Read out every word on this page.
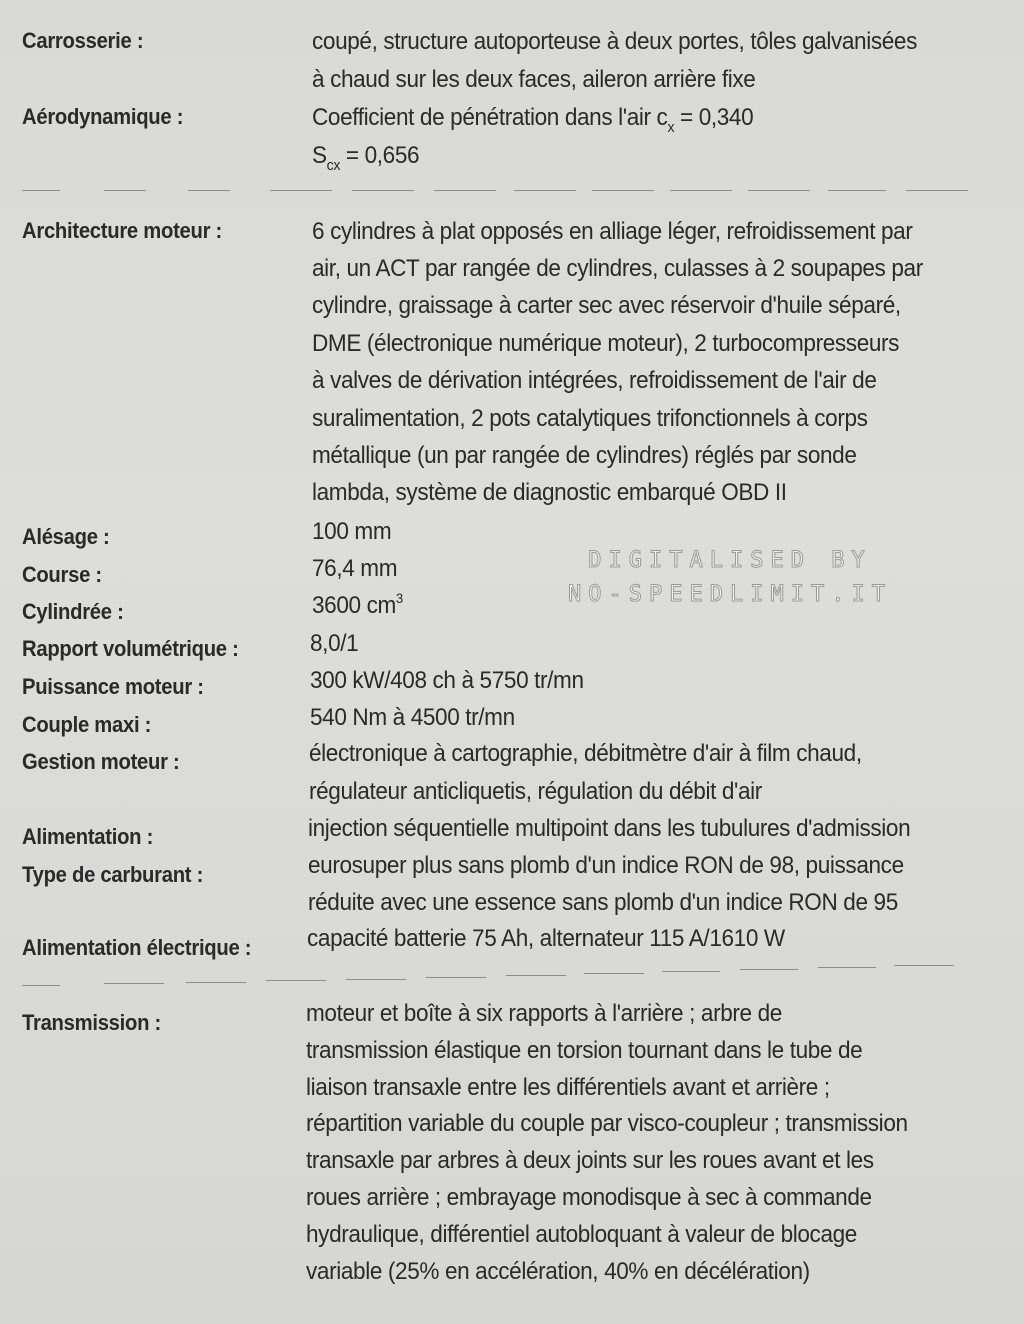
Carrosserie :	coupé, structure autoporteuse à deux portes, tôles galvanisées
à chaud sur les deux faces, aileron arrière fixe
Aérodynamique :	Coefficient de pénétration dans l'air $c_x = 0,340$
$S_{cx} = 0,656$
Architecture moteur :	6 cylindres à plat opposés en alliage léger, refroidissement par
air, un ACT par rangée de cylindres, culasses à 2 soupapes par
cylindre, graissage à carter sec avec réservoir d'huile séparé,
DME (électronique numérique moteur), 2 turbocompresseurs
à valves de dérivation intégrées, refroidissement de l'air de
suralimentation, 2 pots catalytiques trifonctionnels à corps
métallique (un par rangée de cylindres) réglés par sonde
lambda, système de diagnostic embarqué OBD II
Alésage :	100 mm
Course :	76,4 mm
Cylindrée :	3600 $cm^3$
Rapport volumétrique :	8,0/1
Puissance moteur :	300 kW/408 ch à 5750 tr/mn
Couple maxi :	540 Nm à 4500 tr/mn
Gestion moteur :	électronique à cartographie, débitmètre d'air à film chaud,
régulateur anticliquetis, régulation du débit d'air
Alimentation :	injection séquentielle multipoint dans les tubulures d'admission
Type de carburant :	eurosuper plus sans plomb d'un indice RON de 98, puissance
réduite avec une essence sans plomb d'un indice RON de 95
Alimentation électrique : capacité batterie 75 Ah, alternateur 115 A/1610 W
Transmission :	moteur et boîte à six rapports à l'arrière ; arbre de
transmission élastique en torsion tournant dans le tube de
liaison transaxle entre les différentiels avant et arrière ;
répartition variable du couple par visco-coupleur ; transmission
transaxle par arbres à deux joints sur les roues avant et les
roues arrière ; embrayage monodisque à sec à commande
hydraulique, différentiel autobloquant à valeur de blocage
variable (25% en accélération, 40% en décélération)
DIGITALISED BY
NO-SPEEDLIMIT.IT
